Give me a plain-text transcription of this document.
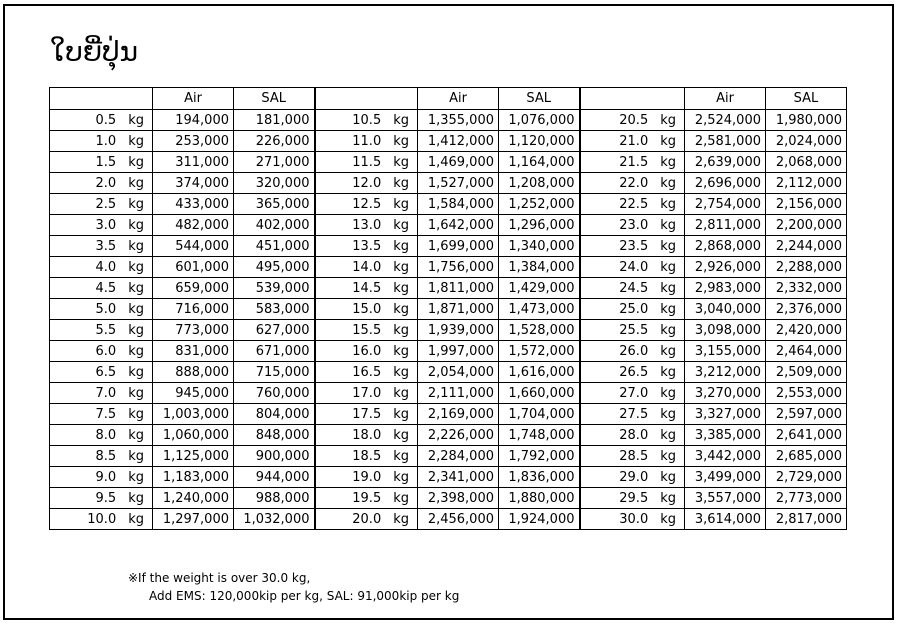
ໃບຍີ່ປຸ່ນ
	Air	SAL		Air	SAL		Air	SAL
0.5 kg	194,000	181,000	10.5 kg	1,355,000	1,076,000	20.5 kg	2,524,000	1,980,000
1.0 kg	253,000	226,000	11.0 kg	1,412,000	1,120,000	21.0 kg	2,581,000	2,024,000
1.5 kg	311,000	271,000	11.5 kg	1,469,000	1,164,000	21.5 kg	2,639,000	2,068,000
2.0 kg	374,000	320,000	12.0 kg	1,527,000	1,208,000	22.0 kg	2,696,000	2,112,000
2.5 kg	433,000	365,000	12.5 kg	1,584,000	1,252,000	22.5 kg	2,754,000	2,156,000
3.0 kg	482,000	402,000	13.0 kg	1,642,000	1,296,000	23.0 kg	2,811,000	2,200,000
3.5 kg	544,000	451,000	13.5 kg	1,699,000	1,340,000	23.5 kg	2,868,000	2,244,000
4.0 kg	601,000	495,000	14.0 kg	1,756,000	1,384,000	24.0 kg	2,926,000	2,288,000
4.5 kg	659,000	539,000	14.5 kg	1,811,000	1,429,000	24.5 kg	2,983,000	2,332,000
5.0 kg	716,000	583,000	15.0 kg	1,871,000	1,473,000	25.0 kg	3,040,000	2,376,000
5.5 kg	773,000	627,000	15.5 kg	1,939,000	1,528,000	25.5 kg	3,098,000	2,420,000
6.0 kg	831,000	671,000	16.0 kg	1,997,000	1,572,000	26.0 kg	3,155,000	2,464,000
6.5 kg	888,000	715,000	16.5 kg	2,054,000	1,616,000	26.5 kg	3,212,000	2,509,000
7.0 kg	945,000	760,000	17.0 kg	2,111,000	1,660,000	27.0 kg	3,270,000	2,553,000
7.5 kg	1,003,000	804,000	17.5 kg	2,169,000	1,704,000	27.5 kg	3,327,000	2,597,000
8.0 kg	1,060,000	848,000	18.0 kg	2,226,000	1,748,000	28.0 kg	3,385,000	2,641,000
8.5 kg	1,125,000	900,000	18.5 kg	2,284,000	1,792,000	28.5 kg	3,442,000	2,685,000
9.0 kg	1,183,000	944,000	19.0 kg	2,341,000	1,836,000	29.0 kg	3,499,000	2,729,000
9.5 kg	1,240,000	988,000	19.5 kg	2,398,000	1,880,000	29.5 kg	3,557,000	2,773,000
10.0 kg	1,297,000	1,032,000	20.0 kg	2,456,000	1,924,000	30.0 kg	3,614,000	2,817,000
※If the weight is over 30.0 kg,
Add EMS: 120,000kip per kg, SAL: 91,000kip per kg
